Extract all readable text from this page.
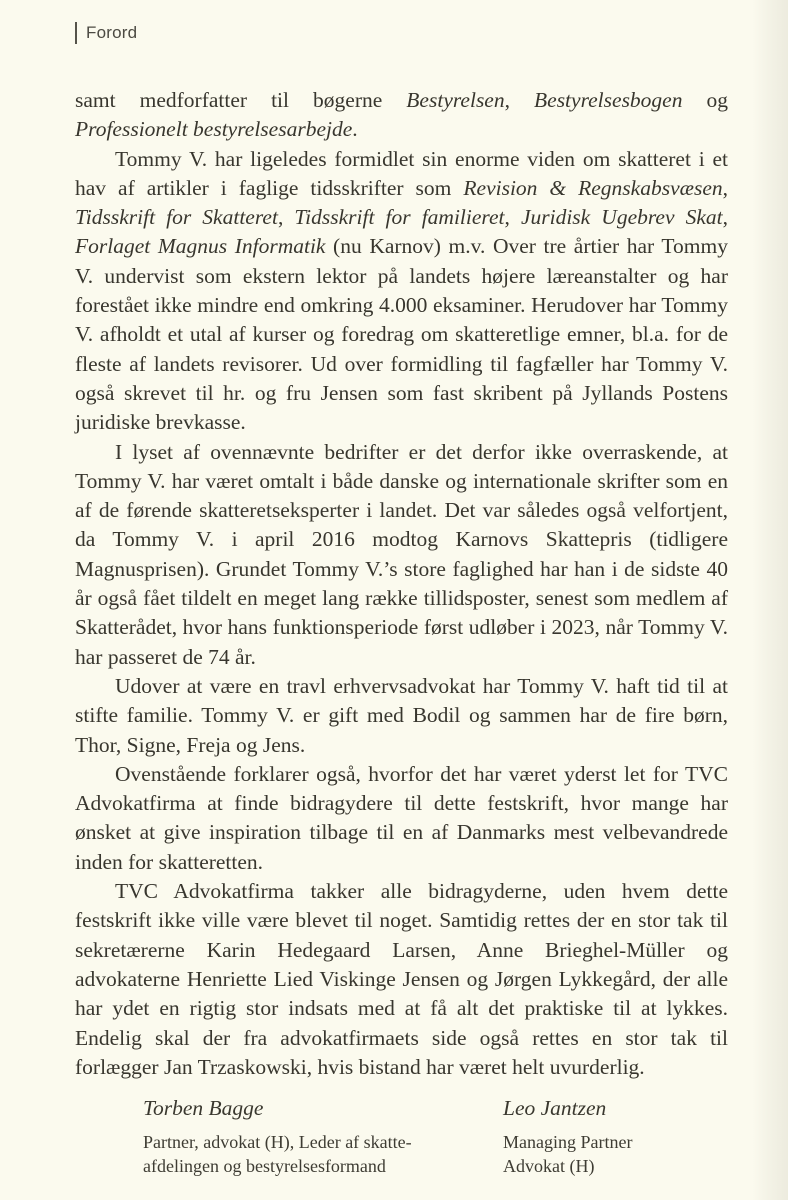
Forord

samt medforfatter til bøgerne Bestyrelsen, Bestyrelsesbogen og Professionelt bestyrelsesarbejde.

Tommy V. har ligeledes formidlet sin enorme viden om skatteret i et hav af artikler i faglige tidsskrifter som Revision & Regnskabsvæsen, Tidsskrift for Skatteret, Tidsskrift for familieret, Juridisk Ugebrev Skat, Forlaget Magnus Informatik (nu Karnov) m.v. Over tre årtier har Tommy V. undervist som ekstern lektor på landets højere læreanstalter og har forestået ikke mindre end omkring 4.000 eksaminer. Herudover har Tommy V. afholdt et utal af kurser og foredrag om skatteretlige emner, bl.a. for de fleste af landets revisorer. Ud over formidling til fagfæller har Tommy V. også skrevet til hr. og fru Jensen som fast skribent på Jyllands Postens juridiske brevkasse.

I lyset af ovennævnte bedrifter er det derfor ikke overraskende, at Tommy V. har været omtalt i både danske og internationale skrifter som en af de førende skatteretseksperter i landet. Det var således også velfortjent, da Tommy V. i april 2016 modtog Karnovs Skattepris (tidligere Magnusprisen). Grundet Tommy V.’s store faglighed har han i de sidste 40 år også fået tildelt en meget lang række tillidsposter, senest som medlem af Skatterådet, hvor hans funktionsperiode først udløber i 2023, når Tommy V. har passeret de 74 år.

Udover at være en travl erhvervsadvokat har Tommy V. haft tid til at stifte familie. Tommy V. er gift med Bodil og sammen har de fire børn, Thor, Signe, Freja og Jens.

Ovenstående forklarer også, hvorfor det har været yderst let for TVC Advokatfirma at finde bidragydere til dette festskrift, hvor mange har ønsket at give inspiration tilbage til en af Danmarks mest velbevandrede inden for skatteretten.

TVC Advokatfirma takker alle bidragyderne, uden hvem dette festskrift ikke ville være blevet til noget. Samtidig rettes der en stor tak til sekretærerne Karin Hedegaard Larsen, Anne Brieghel-Müller og advokaterne Henriette Lied Viskinge Jensen og Jørgen Lykkegård, der alle har ydet en rigtig stor indsats med at få alt det praktiske til at lykkes. Endelig skal der fra advokatfirmaets side også rettes en stor tak til forlægger Jan Trzaskowski, hvis bistand har været helt uvurderlig.

Torben Bagge
Partner, advokat (H), Leder af skatte-
afdelingen og bestyrelsesformand
Leo Jantzen
Managing Partner
Advokat (H)
